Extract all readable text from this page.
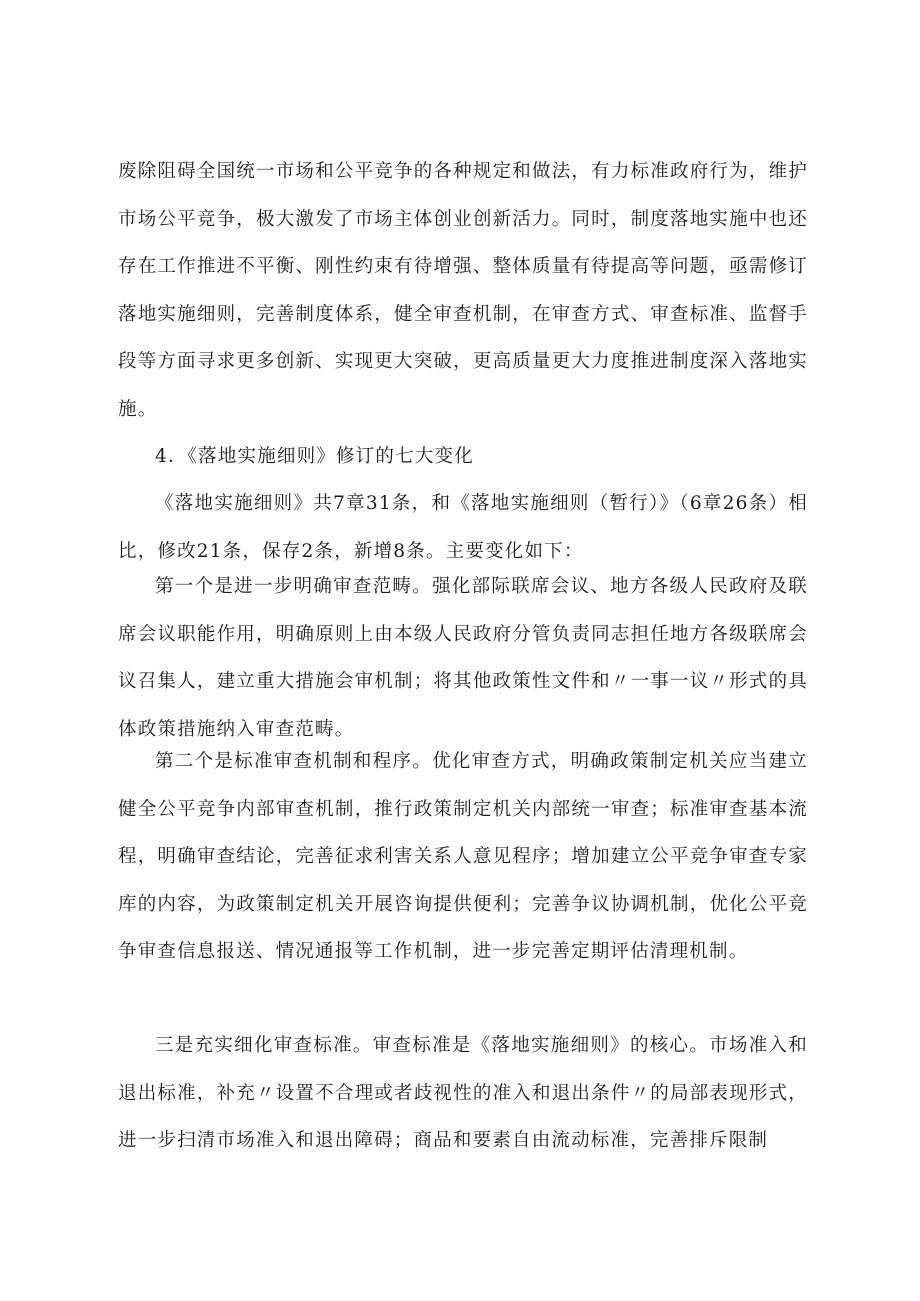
废除阻碍全国统一市场和公平竞争的各种规定和做法，有力标准政府行为，维护市场公平竞争，极大激发了市场主体创业创新活力。同时，制度落地实施中也还存在工作推进不平衡、刚性约束有待增强、整体质量有待提高等问题，亟需修订落地实施细则，完善制度体系，健全审查机制，在审查方式、审查标准、监督手段等方面寻求更多创新、实现更大突破，更高质量更大力度推进制度深入落地实施。

4．《落地实施细则》修订的七大变化

《落地实施细则》共7章31条，和《落地实施细则（暂行）》（6章26条）相比，修改21条，保存2条，新增8条。主要变化如下：

第一个是进一步明确审查范畴。强化部际联席会议、地方各级人民政府及联席会议职能作用，明确原则上由本级人民政府分管负责同志担任地方各级联席会议召集人，建立重大措施会审机制；将其他政策性文件和〃一事一议〃形式的具体政策措施纳入审查范畴。

第二个是标准审查机制和程序。优化审查方式，明确政策制定机关应当建立健全公平竞争内部审查机制，推行政策制定机关内部统一审查；标准审查基本流程，明确审查结论，完善征求利害关系人意见程序；增加建立公平竞争审查专家库的内容，为政策制定机关开展咨询提供便利；完善争议协调机制，优化公平竞争审查信息报送、情况通报等工作机制，进一步完善定期评估清理机制。

三是充实细化审查标准。审查标准是《落地实施细则》的核心。市场准入和退出标准，补充〃设置不合理或者歧视性的准入和退出条件〃的局部表现形式，进一步扫清市场准入和退出障碍；商品和要素自由流动标准，完善排斥限制
